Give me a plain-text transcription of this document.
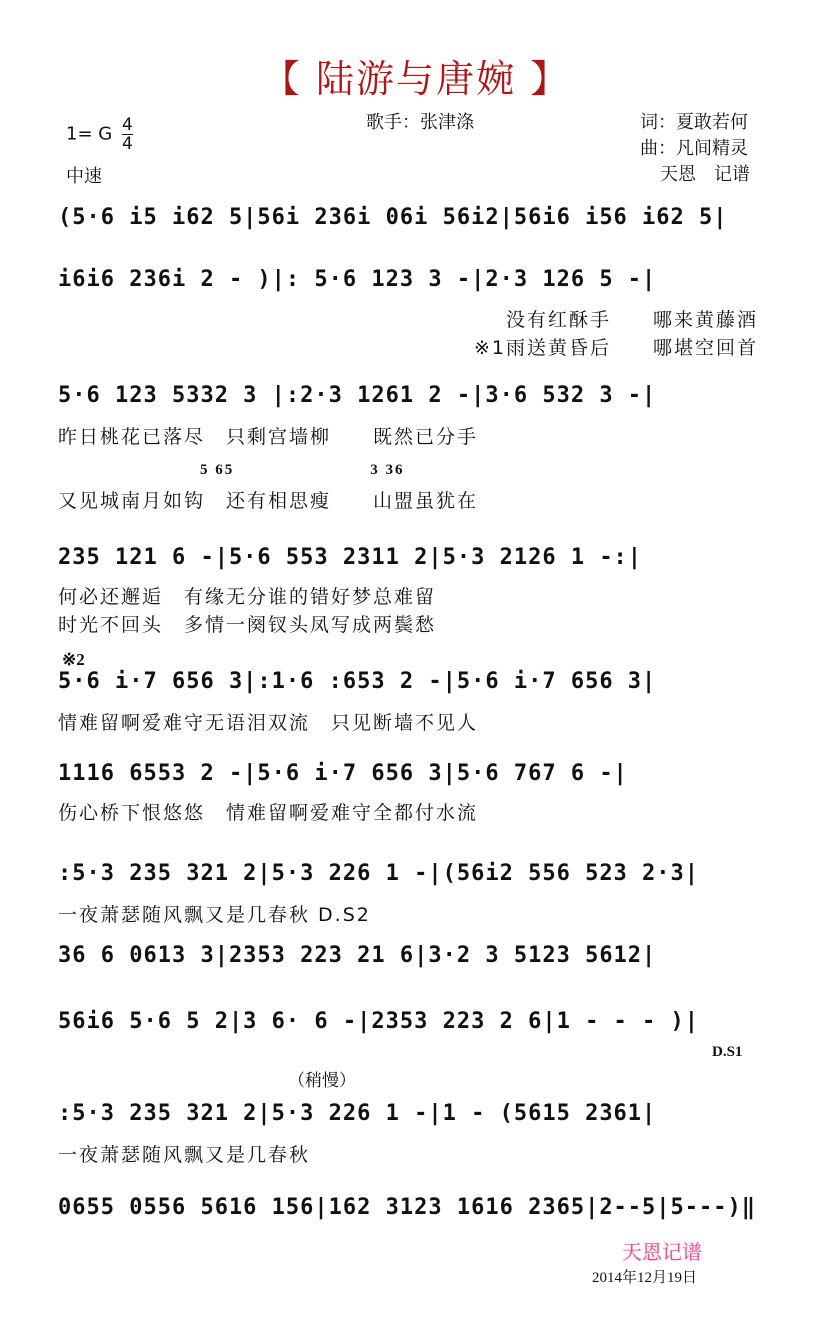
【 陆游与唐婉 】
1= G $\frac{4}{4}$	歌手：张津涤	词：夏敢若何
曲：凡间精灵
天恩　记谱
中速
(5·6 i5 i62 5|56i 236i 06i 56i2|56i6 i56 i62 5|
i6i6 236i 2 - )|: 5·6 123 3 -|2·3 126 5 -|
没有红酥手　　哪来黄藤酒
※1雨送黄昏后　　哪堪空回首
5·6 123 5332 3 |:2·3 1261 2 -|3·6 532 3 -|
昨日桃花已落尽　只剩宫墙柳　　既然已分手
5 65　　　　　　　　3 36
又见城南月如钩　还有相思瘦　　山盟虽犹在
235 121 6 -|5·6 553 2311 2|5·3 2126 1 -:|
何必还邂逅　有缘无分谁的错好梦总难留
时光不回头　多情一阕钗头凤写成两鬓愁
※2
5·6 i·7 656 3|:1·6 :653 2 -|5·6 i·7 656 3|
情难留啊爱难守无语泪双流　只见断墙不见人
1116 6553 2 -|5·6 i·7 656 3|5·6 767 6 -|
伤心桥下恨悠悠　情难留啊爱难守全都付水流
:5·3 235 321 2|5·3 226 1 -|(56i2 556 523 2·3|
一夜萧瑟随风飘又是几春秋 D.S2
36 6 0613 3|2353 223 21 6|3·2 3 5123 5612|
56i6 5·6 5 2|3 6· 6 -|2353 223 2 6|1 - - - )|
D.S1
（稍慢）
:5·3 235 321 2|5·3 226 1 -|1 - (5615 2361|
一夜萧瑟随风飘又是几春秋
0655 0556 5616 156|162 3123 1616 2365|2--5|5---)‖
天恩记谱
2014年12月19日
